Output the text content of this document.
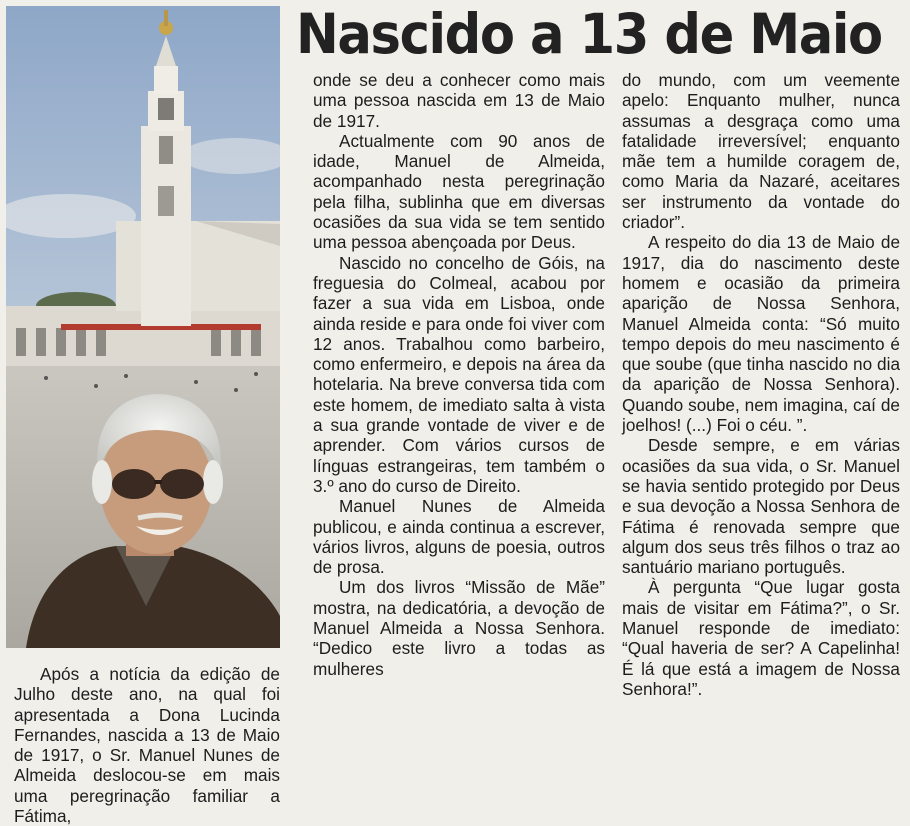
Nascido a 13 de Maio

Após a notícia da edição de Julho deste ano, na qual foi apresentada a Dona Lucinda Fernandes, nascida a 13 de Maio de 1917, o Sr. Manuel Nunes de Almeida deslocou-se em mais uma peregrinação familiar a Fátima,

onde se deu a conhecer como mais uma pessoa nascida em 13 de Maio de 1917.

Actualmente com 90 anos de idade, Manuel de Almeida, acompanhado nesta peregrinação pela filha, sublinha que em diversas ocasiões da sua vida se tem sentido uma pessoa abençoada por Deus.

Nascido no concelho de Góis, na freguesia do Colmeal, acabou por fazer a sua vida em Lisboa, onde ainda reside e para onde foi viver com 12 anos. Trabalhou como barbeiro, como enfermeiro, e depois na área da hotelaria. Na breve conversa tida com este homem, de imediato salta à vista a sua grande vontade de viver e de aprender. Com vários cursos de línguas estrangeiras, tem também o 3.º ano do curso de Direito.

Manuel Nunes de Almeida publicou, e ainda continua a escrever, vários livros, alguns de poesia, outros de prosa.

Um dos livros “Missão de Mãe” mostra, na dedicatória, a devoção de Manuel Almeida a Nossa Senhora. “Dedico este livro a todas as mulheres

do mundo, com um veemente apelo: Enquanto mulher, nunca assumas a desgraça como uma fatalidade irreversível; enquanto mãe tem a humilde coragem de, como Maria da Nazaré, aceitares ser instrumento da vontade do criador”.

A respeito do dia 13 de Maio de 1917, dia do nascimento deste homem e ocasião da primeira aparição de Nossa Senhora, Manuel Almeida conta: “Só muito tempo depois do meu nascimento é que soube (que tinha nascido no dia da aparição de Nossa Senhora). Quando soube, nem imagina, caí de joelhos! (...) Foi o céu. ”.

Desde sempre, e em várias ocasiões da sua vida, o Sr. Manuel se havia sentido protegido por Deus e sua devoção a Nossa Senhora de Fátima é renovada sempre que algum dos seus três filhos o traz ao santuário mariano português.

À pergunta “Que lugar gosta mais de visitar em Fátima?”, o Sr. Manuel responde de imediato: “Qual haveria de ser? A Capelinha! É lá que está a imagem de Nossa Senhora!”.
